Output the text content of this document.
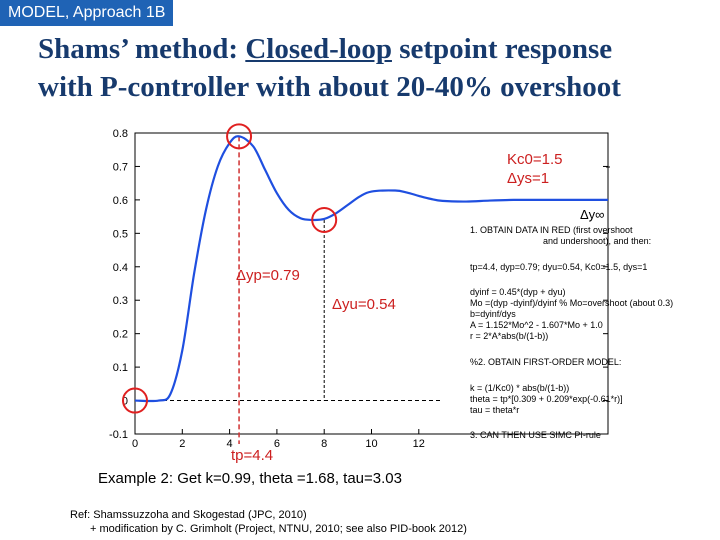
MODEL, Approach 1B
Shams’ method: Closed-loop setpoint response
with P-controller with about 20-40% overshoot
-0.1
0
0.1
0.2
0.3
0.4
0.5
0.6
0.7
0.8
0	2	4	6	8	10	12
Kc0=1.5
Δys=1
Δy∞
Δyp=0.79
Δyu=0.54
tp=4.4
1. OBTAIN DATA IN RED (first overshoot
and undershoot), and then:
tp=4.4, dyp=0.79; dyu=0.54, Kc0=1.5, dys=1
dyinf = 0.45*(dyp + dyu)
Mo =(dyp -dyinf)/dyinf % Mo=overshoot (about 0.3)
b=dyinf/dys
A = 1.152*Mo^2 - 1.607*Mo + 1.0
r = 2*A*abs(b/(1-b))
%2. OBTAIN FIRST-ORDER MODEL:
k = (1/Kc0) * abs(b/(1-b))
theta = tp*[0.309 + 0.209*exp(-0.61*r)]
tau = theta*r
3. CAN THEN USE SIMC PI-rule
Example 2: Get k=0.99, theta =1.68, tau=3.03
Ref: Shamssuzzoha and Skogestad (JPC, 2010)
+ modification by C. Grimholt (Project, NTNU, 2010; see also PID-book 2012)
